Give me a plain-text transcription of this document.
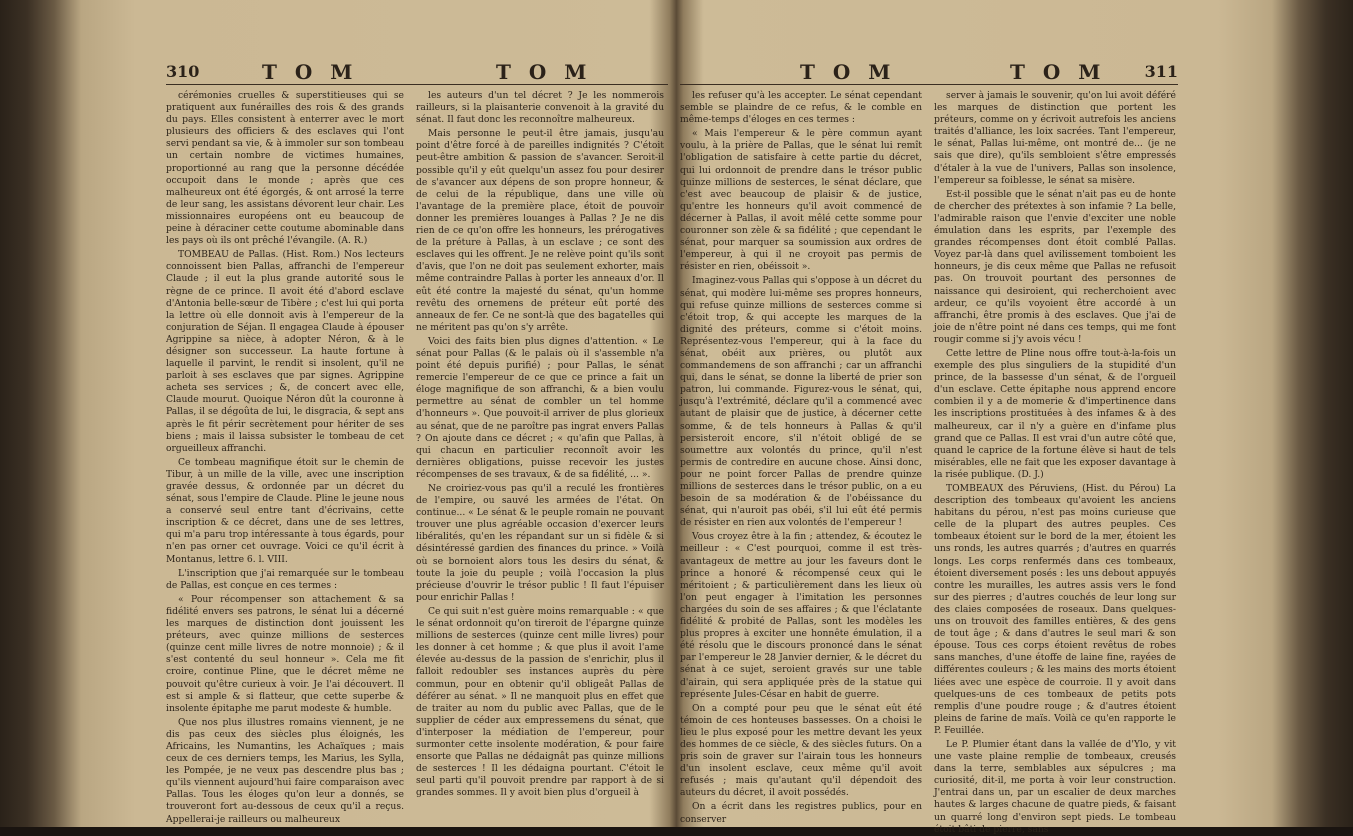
310	TOM	TOM

cérémonies cruelles & superstitieuses qui se pratiquent aux funérailles des rois & des grands du pays. Elles consistent à enterrer avec le mort plusieurs des officiers & des esclaves qui l'ont servi pendant sa vie, & à immoler sur son tombeau un certain nombre de victimes humaines, proportionné au rang que la personne décédée occupoit dans le monde ; après que ces malheureux ont été égorgés, & ont arrosé la terre de leur sang, les assistans dévorent leur chair. Les missionnaires européens ont eu beaucoup de peine à déraciner cette coutume abominable dans les pays où ils ont prêché l'évangile. (A. R.)

TOMBEAU de Pallas. (Hist. Rom.) Nos lecteurs connoissent bien Pallas, affranchi de l'empereur Claude ; il eut la plus grande autorité sous le règne de ce prince. Il avoit été d'abord esclave d'Antonia belle-sœur de Tibère ; c'est lui qui porta la lettre où elle donnoit avis à l'empereur de la conjuration de Séjan. Il engagea Claude à épouser Agrippine sa nièce, à adopter Néron, & à le désigner son successeur. La haute fortune à laquelle il parvint, le rendit si insolent, qu'il ne parloit à ses esclaves que par signes. Agrippine acheta ses services ; &, de concert avec elle, Claude mourut. Quoique Néron dût la couronne à Pallas, il se dégoûta de lui, le disgracia, & sept ans après le fit périr secrètement pour hériter de ses biens ; mais il laissa subsister le tombeau de cet orgueilleux affranchi.

Ce tombeau magnifique étoit sur le chemin de Tibur, à un mille de la ville, avec une inscription gravée dessus, & ordonnée par un décret du sénat, sous l'empire de Claude. Pline le jeune nous a conservé seul entre tant d'écrivains, cette inscription & ce décret, dans une de ses lettres, qui m'a paru trop intéressante à tous égards, pour n'en pas orner cet ouvrage. Voici ce qu'il écrit à Montanus, lettre 6. l. VIII.

L'inscription que j'ai remarquée sur le tombeau de Pallas, est conçue en ces termes :

« Pour récompenser son attachement & sa fidélité envers ses patrons, le sénat lui a décerné les marques de distinction dont jouissent les préteurs, avec quinze millions de sesterces (quinze cent mille livres de notre monnoie) ; & il s'est contenté du seul honneur ». Cela me fit croire, continue Pline, que le décret même ne pouvoit qu'être curieux à voir. Je l'ai découvert. Il est si ample & si flatteur, que cette superbe & insolente épitaphe me parut modeste & humble.

Que nos plus illustres romains viennent, je ne dis pas ceux des siècles plus éloignés, les Africains, les Numantins, les Achaïques ; mais ceux de ces derniers temps, les Marius, les Sylla, les Pompée, je ne veux pas descendre plus bas ; qu'ils viennent aujourd'hui faire comparaison avec Pallas. Tous les éloges qu'on leur a donnés, se trouveront fort au-dessous de ceux qu'il a reçus. Appellerai-je railleurs ou malheureux

les auteurs d'un tel décret ? Je les nommerois railleurs, si la plaisanterie convenoit à la gravité du sénat. Il faut donc les reconnoître malheureux.

Mais personne le peut-il être jamais, jusqu'au point d'être forcé à de pareilles indignités ? C'étoit peut-être ambition & passion de s'avancer. Seroit-il possible qu'il y eût quelqu'un assez fou pour desirer de s'avancer aux dépens de son propre honneur, & de celui de la république, dans une ville où l'avantage de la première place, étoit de pouvoir donner les premières louanges à Pallas ? Je ne dis rien de ce qu'on offre les honneurs, les prérogatives de la préture à Pallas, à un esclave ; ce sont des esclaves qui les offrent. Je ne relève point qu'ils sont d'avis, que l'on ne doit pas seulement exhorter, mais même contraindre Pallas à porter les anneaux d'or. Il eût été contre la majesté du sénat, qu'un homme revêtu des ornemens de préteur eût porté des anneaux de fer. Ce ne sont-là que des bagatelles qui ne méritent pas qu'on s'y arrête.

Voici des faits bien plus dignes d'attention. « Le sénat pour Pallas (& le palais où il s'assemble n'a point été depuis purifié) ; pour Pallas, le sénat remercie l'empereur de ce que ce prince a fait un éloge magnifique de son affranchi, & a bien voulu permettre au sénat de combler un tel homme d'honneurs ». Que pouvoit-il arriver de plus glorieux au sénat, que de ne paroître pas ingrat envers Pallas ? On ajoute dans ce décret ; « qu'afin que Pallas, à qui chacun en particulier reconnoît avoir les dernières obligations, puisse recevoir les justes récompenses de ses travaux, & de sa fidélité, ... ».

Ne croiriez-vous pas qu'il a reculé les frontières de l'empire, ou sauvé les armées de l'état. On continue... « Le sénat & le peuple romain ne pouvant trouver une plus agréable occasion d'exercer leurs libéralités, qu'en les répandant sur un si fidèle & si désintéressé gardien des finances du prince. » Voilà où se bornoient alors tous les desirs du sénat, & toute la joie du peuple ; voilà l'occasion la plus précieuse d'ouvrir le trésor public ! Il faut l'épuiser pour enrichir Pallas !

Ce qui suit n'est guère moins remarquable : « que le sénat ordonnoit qu'on tireroit de l'épargne quinze millions de sesterces (quinze cent mille livres) pour les donner à cet homme ; & que plus il avoit l'ame élevée au-dessus de la passion de s'enrichir, plus il falloit redoubler ses instances auprès du père commun, pour en obtenir qu'il obligeât Pallas de déférer au sénat. » Il ne manquoit plus en effet que de traiter au nom du public avec Pallas, que de le supplier de céder aux empressemens du sénat, que d'interposer la médiation de l'empereur, pour surmonter cette insolente modération, & pour faire ensorte que Pallas ne dédaignât pas quinze millions de sesterces ! Il les dédaigna pourtant. C'étoit le seul parti qu'il pouvoit prendre par rapport à de si grandes sommes. Il y avoit bien plus d'orgueil à

TOM	TOM 311

les refuser qu'à les accepter. Le sénat cependant semble se plaindre de ce refus, & le comble en même-temps d'éloges en ces termes :

« Mais l'empereur & le père commun ayant voulu, à la prière de Pallas, que le sénat lui remît l'obligation de satisfaire à cette partie du décret, qui lui ordonnoit de prendre dans le trésor public quinze millions de sesterces, le sénat déclare, que c'est avec beaucoup de plaisir & de justice, qu'entre les honneurs qu'il avoit commencé de décerner à Pallas, il avoit mêlé cette somme pour couronner son zèle & sa fidélité ; que cependant le sénat, pour marquer sa soumission aux ordres de l'empereur, à qui il ne croyoit pas permis de résister en rien, obéissoit ».

Imaginez-vous Pallas qui s'oppose à un décret du sénat, qui modère lui-même ses propres honneurs, qui refuse quinze millions de sesterces comme si c'étoit trop, & qui accepte les marques de la dignité des préteurs, comme si c'étoit moins. Représentez-vous l'empereur, qui à la face du sénat, obéit aux prières, ou plutôt aux commandemens de son affranchi ; car un affranchi qui, dans le sénat, se donne la liberté de prier son patron, lui commande. Figurez-vous le sénat, qui, jusqu'à l'extrémité, déclare qu'il a commencé avec autant de plaisir que de justice, à décerner cette somme, & de tels honneurs à Pallas & qu'il persisteroit encore, s'il n'étoit obligé de se soumettre aux volontés du prince, qu'il n'est permis de contredire en aucune chose. Ainsi donc, pour ne point forcer Pallas de prendre quinze millions de sesterces dans le trésor public, on a eu besoin de sa modération & de l'obéissance du sénat, qui n'auroit pas obéi, s'il lui eût été permis de résister en rien aux volontés de l'empereur !

Vous croyez être à la fin ; attendez, & écoutez le meilleur : « C'est pourquoi, comme il est très-avantageux de mettre au jour les faveurs dont le prince a honoré & récompensé ceux qui le méritoient ; & particulièrement dans les lieux où l'on peut engager à l'imitation les personnes chargées du soin de ses affaires ; & que l'éclatante fidélité & probité de Pallas, sont les modèles les plus propres à exciter une honnête émulation, il a été résolu que le discours prononcé dans le sénat par l'empereur le 28 Janvier dernier, & le décret du sénat à ce sujet, seroient gravés sur une table d'airain, qui sera appliquée près de la statue qui représente Jules-César en habit de guerre.

On a compté pour peu que le sénat eût été témoin de ces honteuses bassesses. On a choisi le lieu le plus exposé pour les mettre devant les yeux des hommes de ce siècle, & des siècles futurs. On a pris soin de graver sur l'airain tous les honneurs d'un insolent esclave, ceux même qu'il avoit refusés ; mais qu'autant qu'il dépendoit des auteurs du décret, il avoit possédés.

On a écrit dans les registres publics, pour en conserver

server à jamais le souvenir, qu'on lui avoit déféré les marques de distinction que portent les préteurs, comme on y écrivoit autrefois les anciens traités d'alliance, les loix sacrées. Tant l'empereur, le sénat, Pallas lui-même, ont montré de... (je ne sais que dire), qu'ils sembloient s'être empressés d'étaler à la vue de l'univers, Pallas son insolence, l'empereur sa foiblesse, le sénat sa misère.

Est-il possible que le sénat n'ait pas eu de honte de chercher des prétextes à son infamie ? La belle, l'admirable raison que l'envie d'exciter une noble émulation dans les esprits, par l'exemple des grandes récompenses dont étoit comblé Pallas. Voyez par-là dans quel avilissement tomboient les honneurs, je dis ceux même que Pallas ne refusoit pas. On trouvoit pourtant des personnes de naissance qui desiroient, qui recherchoient avec ardeur, ce qu'ils voyoient être accordé à un affranchi, être promis à des esclaves. Que j'ai de joie de n'être point né dans ces temps, qui me font rougir comme si j'y avois vécu !

Cette lettre de Pline nous offre tout-à-la-fois un exemple des plus singuliers de la stupidité d'un prince, de la bassesse d'un sénat, & de l'orgueil d'un esclave. Cette épitaphe nous apprend encore combien il y a de momerie & d'impertinence dans les inscriptions prostituées à des infames & à des malheureux, car il n'y a guère en d'infame plus grand que ce Pallas. Il est vrai d'un autre côté que, quand le caprice de la fortune élève si haut de tels misérables, elle ne fait que les exposer davantage à la risée publique. (D. J.)

TOMBEAUX des Péruviens, (Hist. du Pérou) La description des tombeaux qu'avoient les anciens habitans du pérou, n'est pas moins curieuse que celle de la plupart des autres peuples. Ces tombeaux étoient sur le bord de la mer, étoient les uns ronds, les autres quarrés ; d'autres en quarrés longs. Les corps renfermés dans ces tombeaux, étoient diversement posés : les uns debout appuyés contre les murailles, les autres assis vers le fond sur des pierres ; d'autres couchés de leur long sur des claies composées de roseaux. Dans quelques-uns on trouvoit des familles entières, & des gens de tout âge ; & dans d'autres le seul mari & son épouse. Tous ces corps étoient revêtus de robes sans manches, d'une étoffe de laine fine, rayées de différentes couleurs ; & les mains des morts étoient liées avec une espèce de courroie. Il y avoit dans quelques-uns de ces tombeaux de petits pots remplis d'une poudre rouge ; & d'autres étoient pleins de farine de maïs. Voilà ce qu'en rapporte le P. Feuillée.

Le P. Plumier étant dans la vallée de d'Ylo, y vit une vaste plaine remplie de tombeaux, creusés dans la terre, semblables aux sépulcres ; ma curiosité, dit-il, me porta à voir leur construction. J'entrai dans un, par un escalier de deux marches hautes & larges chacune de quatre pieds, & faisant un quarré long d'environ sept pieds. Le tombeau étoit bâti de pierre, sans
